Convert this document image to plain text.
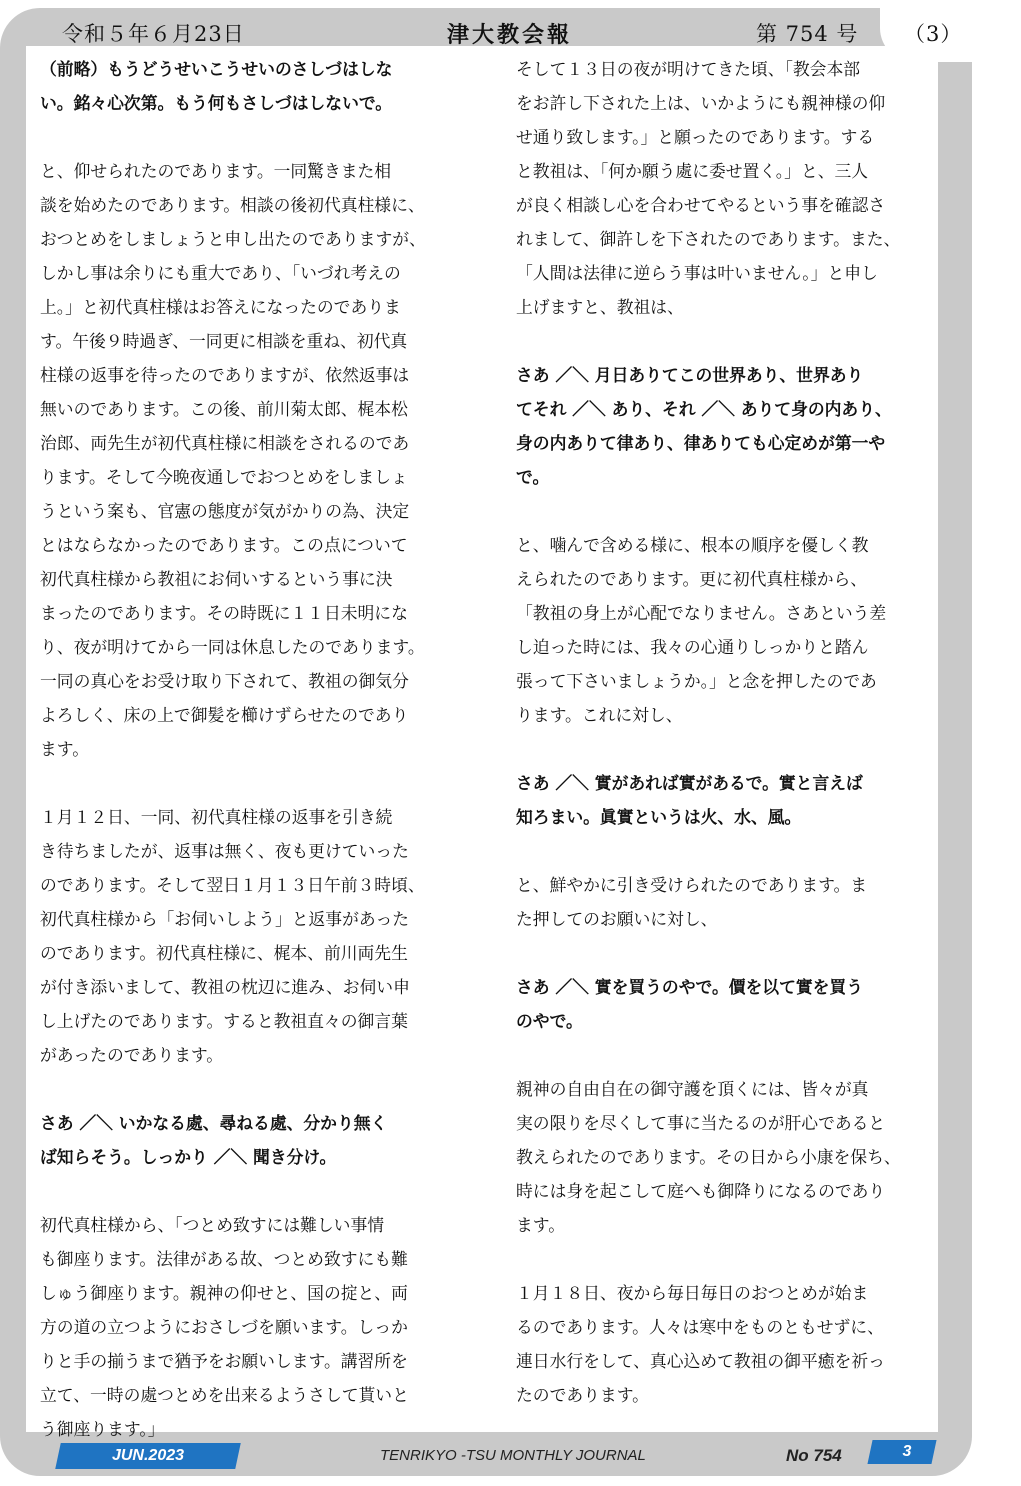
令和５年６月23日	津大教会報	第 754 号 （3）

（前略）もうどうせいこうせいのさしづはしな
い。銘々心次第。もう何もさしづはしないで。

と、仰せられたのであります。一同驚きまた相
談を始めたのであります。相談の後初代真柱様に、
おつとめをしましょうと申し出たのでありますが、
しかし事は余りにも重大であり、「いづれ考えの
上。」と初代真柱様はお答えになったのでありま
す。午後９時過ぎ、一同更に相談を重ね、初代真
柱様の返事を待ったのでありますが、依然返事は
無いのであります。この後、前川菊太郎、梶本松
治郎、両先生が初代真柱様に相談をされるのであ
ります。そして今晩夜通しでおつとめをしましょ
うという案も、官憲の態度が気がかりの為、決定
とはならなかったのであります。この点について
初代真柱様から教祖にお伺いするという事に決
まったのであります。その時既に１１日未明にな
り、夜が明けてから一同は休息したのであります。
一同の真心をお受け取り下されて、教祖の御気分
よろしく、床の上で御髪を櫛けずらせたのであり
ます。

１月１２日、一同、初代真柱様の返事を引き続
き待ちましたが、返事は無く、夜も更けていった
のであります。そして翌日１月１３日午前３時頃、
初代真柱様から「お伺いしよう」と返事があった
のであります。初代真柱様に、梶本、前川両先生
が付き添いまして、教祖の枕辺に進み、お伺い申
し上げたのであります。すると教祖直々の御言葉
があったのであります。

さあ ／＼ いかなる處、尋ねる處、分かり無く
ば知らそう。しっかり ／＼ 聞き分け。

初代真柱様から、「つとめ致すには難しい事情
も御座ります。法律がある故、つとめ致すにも難
しゅう御座ります。親神の仰せと、国の掟と、両
方の道の立つようにおさしづを願います。しっか
りと手の揃うまで猶予をお願いします。講習所を
立て、一時の處つとめを出来るようさして貰いと
う御座ります。」

そして１３日の夜が明けてきた頃、「教会本部
をお許し下された上は、いかようにも親神様の仰
せ通り致します。」と願ったのであります。する
と教祖は、「何か願う處に委せ置く。」と、三人
が良く相談し心を合わせてやるという事を確認さ
れまして、御許しを下されたのであります。また、
「人間は法律に逆らう事は叶いません。」と申し
上げますと、教祖は、

さあ ／＼ 月日ありてこの世界あり、世界あり
てそれ ／＼ あり、それ ／＼ ありて身の内あり、
身の内ありて律あり、律ありても心定めが第一や
で。

と、噛んで含める様に、根本の順序を優しく教
えられたのであります。更に初代真柱様から、
「教祖の身上が心配でなりません。さあという差
し迫った時には、我々の心通りしっかりと踏ん
張って下さいましょうか。」と念を押したのであ
ります。これに対し、

さあ ／＼ 實があれば實があるで。實と言えば
知ろまい。眞實というは火、水、風。

と、鮮やかに引き受けられたのであります。ま
た押してのお願いに対し、

さあ ／＼ 實を買うのやで。價を以て實を買う
のやで。

親神の自由自在の御守護を頂くには、皆々が真
実の限りを尽くして事に当たるのが肝心であると
教えられたのであります。その日から小康を保ち、
時には身を起こして庭へも御降りになるのであり
ます。

１月１８日、夜から毎日毎日のおつとめが始ま
るのであります。人々は寒中をものともせずに、
連日水行をして、真心込めて教祖の御平癒を祈っ
たのであります。

JUN.2023	TENRIKYO -TSU MONTHLY JOURNAL	No 754	3
